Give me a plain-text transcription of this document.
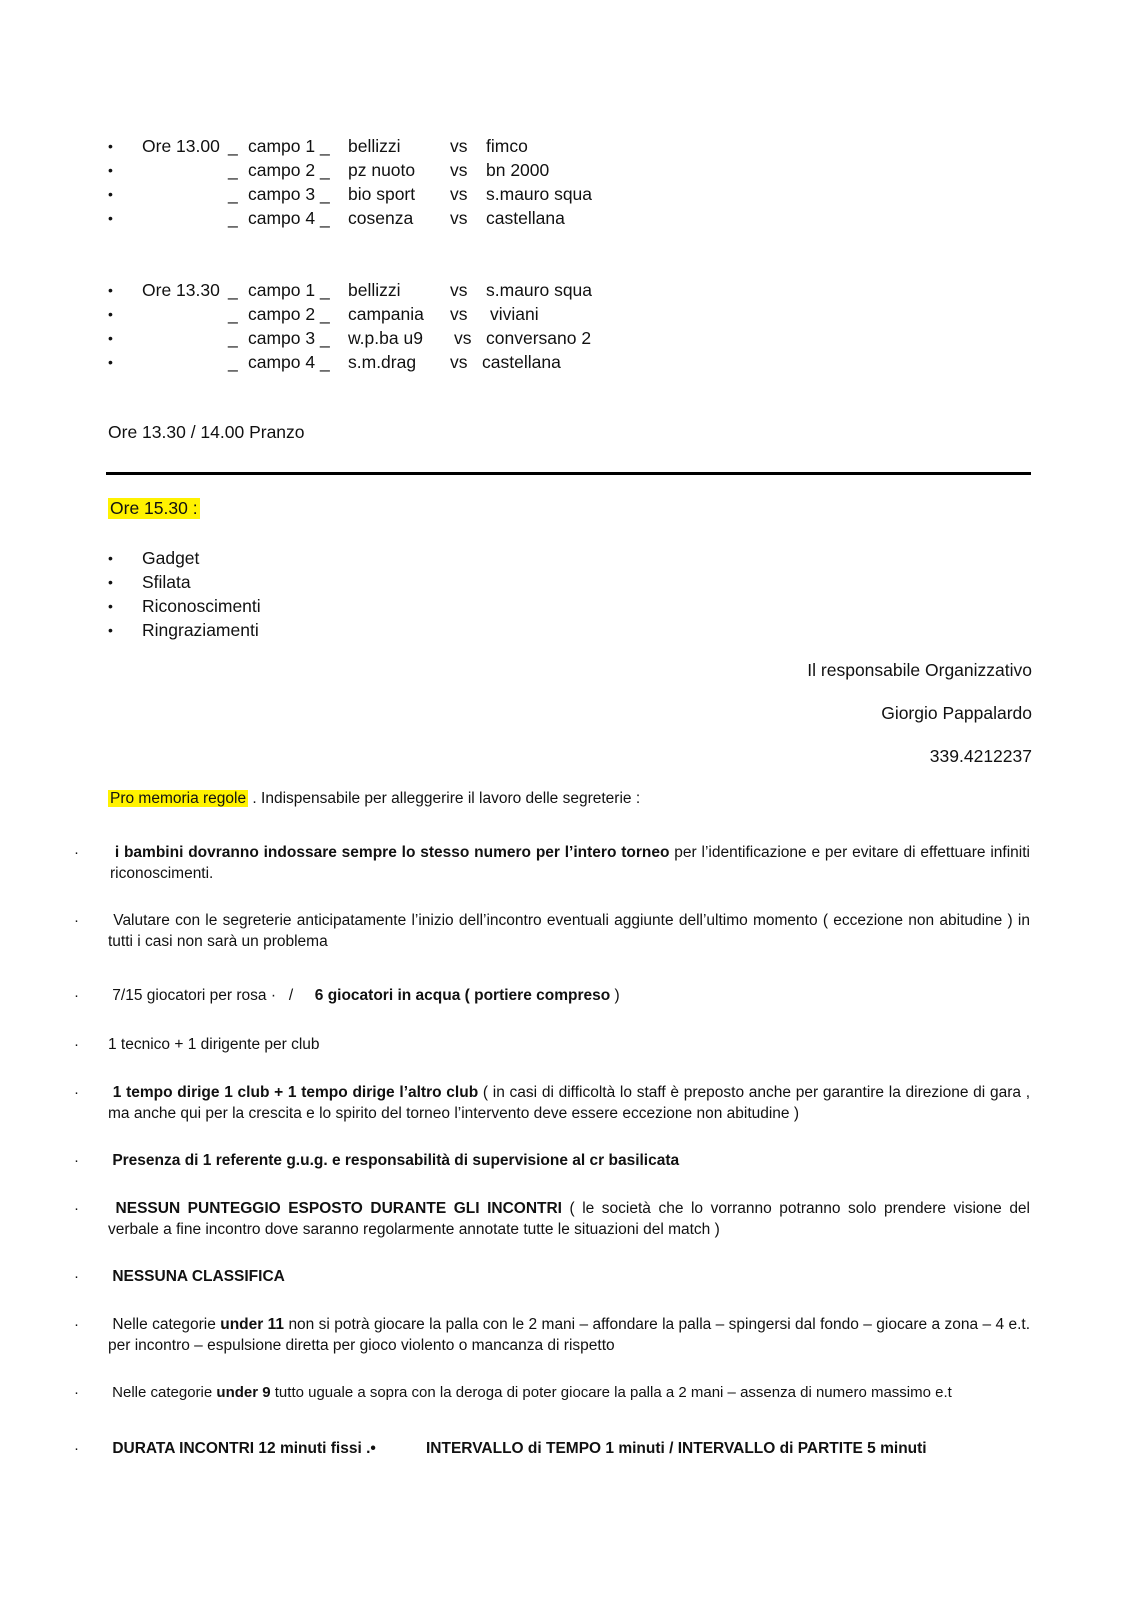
• Ore 13.00 _ campo 1 _ bellizzi	vs fimco
•	_ campo 2 _ pz nuoto vs bn 2000
•	_ campo 3 _ bio sport vs s.mauro squa
•	_ campo 4 _ cosenza vs castellana
• Ore 13.30 _ campo 1 _ bellizzi	vs s.mauro squa
•	_ campo 2 _ campania vs viviani
•	_ campo 3 _ w.p.ba u9 vs conversano 2
•	_ campo 4 _ s.m.drag vs castellana
Ore 13.30 / 14.00 Pranzo
Ore 15.30 :
• Gadget
• Sfilata
• Riconoscimenti
• Ringraziamenti
Il responsabile Organizzativo
Giorgio Pappalardo
339.4212237
Pro memoria regole . Indispensabile per alleggerire il lavoro delle segreterie :
·	i bambini dovranno indossare sempre lo stesso numero per l’intero torneo per l’identificazione e per evitare di effettuare infiniti riconoscimenti.
·	Valutare con le segreterie anticipatamente l’inizio dell’incontro eventuali aggiunte dell’ultimo momento ( eccezione non abitudine ) in tutti i casi non sarà un problema
· 7/15 giocatori per rosa ·   /     6 giocatori in acqua ( portiere compreso )
· 1 tecnico + 1 dirigente per club
·	1 tempo dirige 1 club + 1 tempo dirige l’altro club ( in casi di difficoltà lo staff è preposto anche per garantire la direzione di gara , ma anche qui per la crescita e lo spirito del torneo l’intervento deve essere eccezione non abitudine )
· Presenza di 1 referente g.u.g. e responsabilità di supervisione al cr basilicata
·	NESSUN PUNTEGGIO ESPOSTO DURANTE GLI INCONTRI ( le società che lo vorranno potranno solo prendere visione del verbale a fine incontro dove saranno regolarmente annotate tutte le situazioni del match )
· NESSUNA CLASSIFICA
· Nelle categorie under 11 non si potrà giocare la palla con le 2 mani – affondare la palla – spingersi dal fondo – giocare a zona – 4 e.t. per incontro – espulsione diretta per gioco violento o mancanza di rispetto
· Nelle categorie under 9 tutto uguale a sopra con la deroga di poter giocare la palla a 2 mani – assenza di numero massimo e.t
· DURATA INCONTRI 12 minuti fissi .•	INTERVALLO di TEMPO 1 minuti / INTERVALLO di PARTITE 5 minuti
